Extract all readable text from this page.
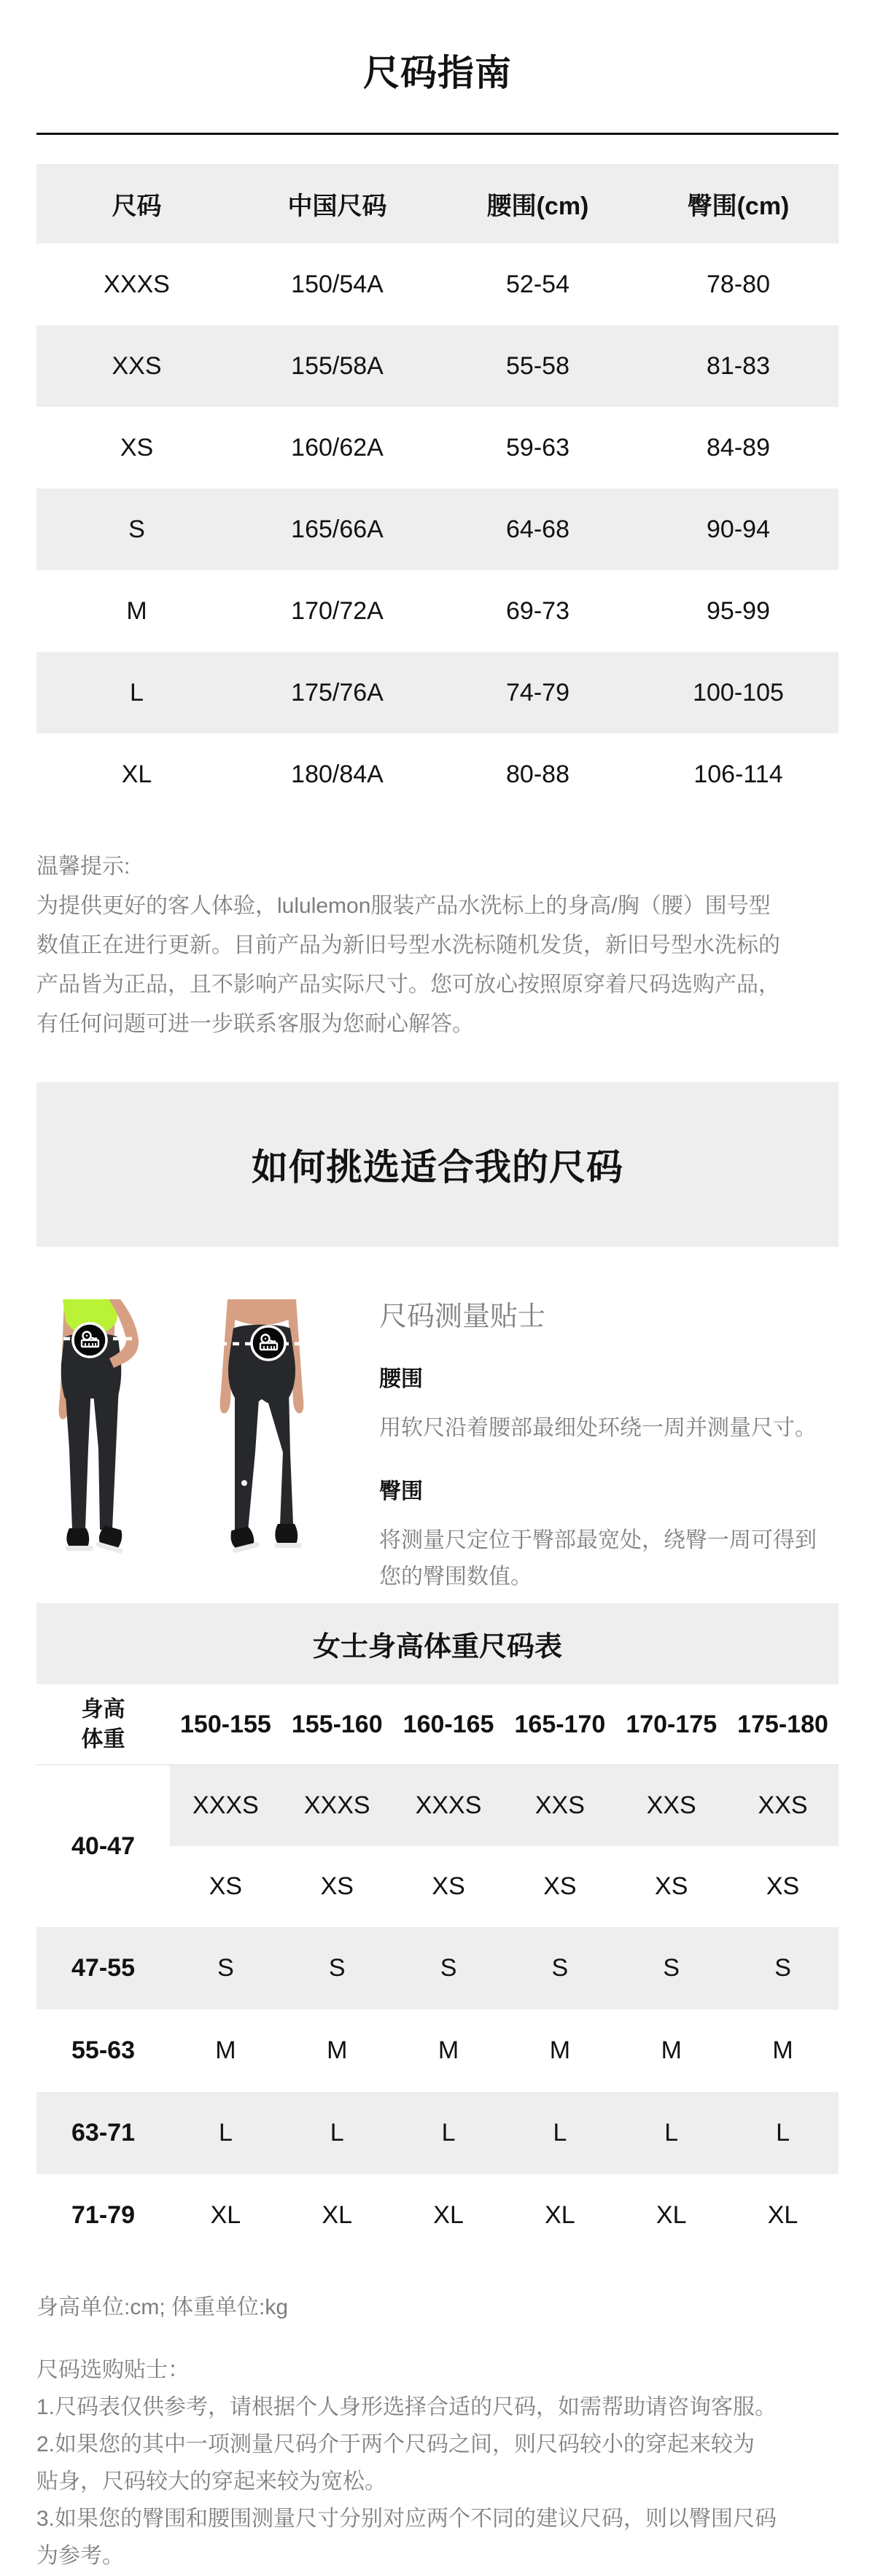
尺码指南
尺码	中国尺码	腰围(cm)	臀围(cm)
XXXS	150/54A	52-54	78-80
XXS	155/58A	55-58	81-83
XS	160/62A	59-63	84-89
S	165/66A	64-68	90-94
M	170/72A	69-73	95-99
L	175/76A	74-79	100-105
XL	180/84A	80-88	106-114
温馨提示:
为提供更好的客人体验，lululemon服装产品水洗标上的身高/胸（腰）围号型
数值正在进行更新。目前产品为新旧号型水洗标随机发货，新旧号型水洗标的
产品皆为正品，且不影响产品实际尺寸。您可放心按照原穿着尺码选购产品，
有任何问题可进一步联系客服为您耐心解答。
如何挑选适合我的尺码
尺码测量贴士
腰围
用软尺沿着腰部最细处环绕一周并测量尺寸。
臀围
将测量尺定位于臀部最宽处，绕臀一周可得到
您的臀围数值。
女士身高体重尺码表
身高
体重
150-155 155-160 160-165 165-170 170-175 175-180
40-47
XXXS	XXXS	XXXS	XXS	XXS	XXS
XS	XS	XS	XS	XS	XS
47-55	S	S	S	S	S	S
55-63	M	M	M	M	M	M
63-71	L	L	L	L	L	L
71-79	XL	XL	XL	XL	XL	XL
身高单位:cm; 体重单位:kg
尺码选购贴士：
1.尺码表仅供参考，请根据个人身形选择合适的尺码，如需帮助请咨询客服。
2.如果您的其中一项测量尺码介于两个尺码之间，则尺码较小的穿起来较为
贴身，尺码较大的穿起来较为宽松。
3.如果您的臀围和腰围测量尺寸分别对应两个不同的建议尺码，则以臀围尺码
为参考。
